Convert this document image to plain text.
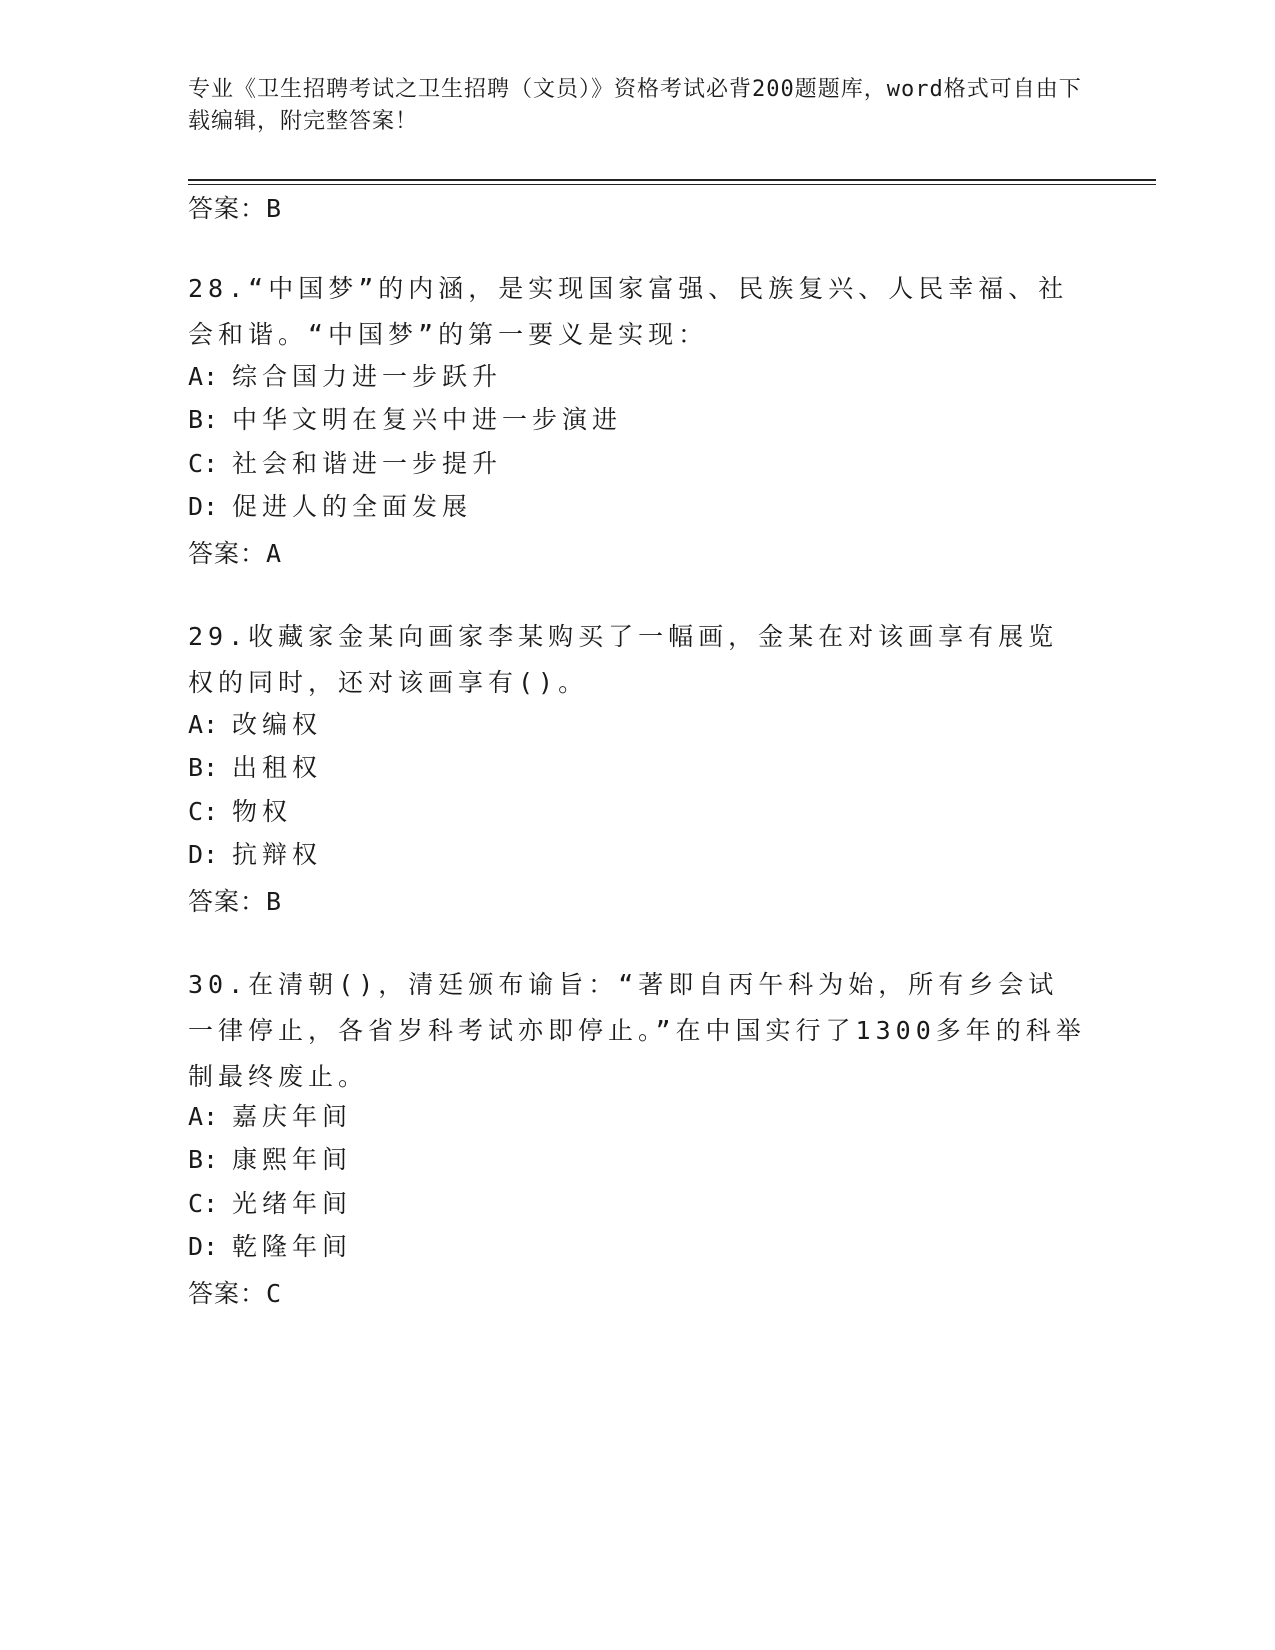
专业《卫生招聘考试之卫生招聘（文员）》资格考试必背200题题库，word格式可自由下载编辑，附完整答案！
答案：B
28.“中国梦”的内涵，是实现国家富强、民族复兴、人民幸福、社会和谐。“中国梦”的第一要义是实现：
A: 综合国力进一步跃升
B: 中华文明在复兴中进一步演进
C: 社会和谐进一步提升
D: 促进人的全面发展
答案：A
29.收藏家金某向画家李某购买了一幅画，金某在对该画享有展览权的同时，还对该画享有()。
A: 改编权
B: 出租权
C: 物权
D: 抗辩权
答案：B
30.在清朝()，清廷颁布谕旨：“著即自丙午科为始，所有乡会试一律停止，各省岁科考试亦即停止。”在中国实行了1300多年的科举制最终废止。
A: 嘉庆年间
B: 康熙年间
C: 光绪年间
D: 乾隆年间
答案：C
